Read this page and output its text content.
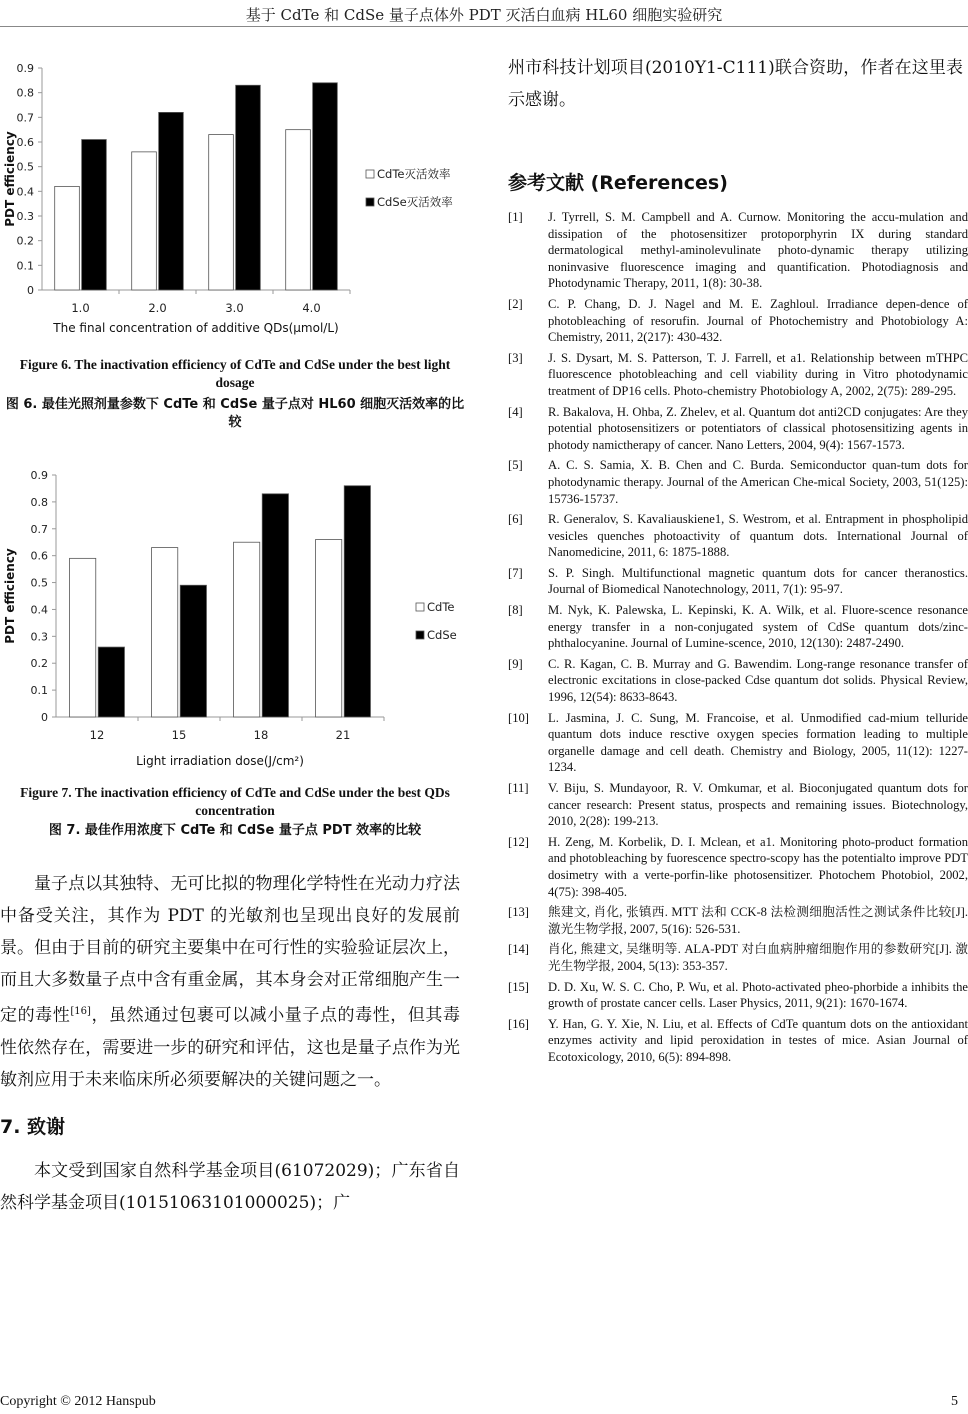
基于 CdTe 和 CdSe 量子点体外 PDT 灭活白血病 HL60 细胞实验研究
0
0.1
0.2
0.3
0.4
0.5
0.6
0.7
0.8
0.9
1.0	2.0	3.0	4.0
The final concentration of additive QDs(μmol/L)
PDT efficiency	CdTe灭活效率
CdSe灭活效率
Figure 6. The inactivation efficiency of CdTe and CdSe under the best light dosage
图 6. 最佳光照剂量参数下 CdTe 和 CdSe 量子点对 HL60 细胞灭活效率的比较
0
0.1
0.2
0.3
0.4
0.5
0.6
0.7
0.8
0.9
12	15	18	21
Light irradiation dose(J/cm²)
PDT efficiency	CdTe
CdSe
Figure 7. The inactivation efficiency of CdTe and CdSe under the best QDs concentration
图 7. 最佳作用浓度下 CdTe 和 CdSe 量子点 PDT 效率的比较

量子点以其独特、无可比拟的物理化学特性在光动力疗法中备受关注，其作为 PDT 的光敏剂也呈现出良好的发展前景。但由于目前的研究主要集中在可行性的实验验证层次上，而且大多数量子点中含有重金属，其本身会对正常细胞产生一定的毒性[16]，虽然通过包裹可以减小量子点的毒性，但其毒性依然存在，需要进一步的研究和评估，这也是量子点作为光敏剂应用于未来临床所必须要解决的关键问题之一。

7. 致谢

本文受到国家自然科学基金项目(61072029)；广东省自然科学基金项目(10151063101000025)；广

州市科技计划项目(2010Y1-C111)联合资助，作者在这里表示感谢。

参考文献 (References)
[1]	J. Tyrrell, S. M. Campbell and A. Curnow. Monitoring the accu-mulation and dissipation of the photosensitizer protoporphyrin IX during standard dermatological methyl-aminolevulinate photo-dynamic therapy utilizing noninvasive fluorescence imaging and quantification. Photodiagnosis and Photodynamic Therapy, 2011, 1(8): 30-38.
[2]	C. P. Chang, D. J. Nagel and M. E. Zaghloul. Irradiance depen-dence of photobleaching of resorufin. Journal of Photochemistry and Photobiology A: Chemistry, 2011, 2(217): 430-432.
[3]	J. S. Dysart, M. S. Patterson, T. J. Farrell, et a1. Relationship between mTHPC fluorescence photobleaching and cell viability during in Vitro photodynamic treatment of DP16 cells. Photo-chemistry Photobiology A, 2002, 2(75): 289-295.
[4]	R. Bakalova, H. Ohba, Z. Zhelev, et al. Quantum dot anti2CD conjugates: Are they potential photosensitizers or potentiators of classical photosensitizing agents in photody namictherapy of cancer. Nano Letters, 2004, 9(4): 1567-1573.
[5]	A. C. S. Samia, X. B. Chen and C. Burda. Semiconductor quan-tum dots for photodynamic therapy. Journal of the American Che-mical Society, 2003, 51(125): 15736-15737.
[6]	R. Generalov, S. Kavaliauskiene1, S. Westrom, et al. Entrapment in phospholipid vesicles quenches photoactivity of quantum dots. International Journal of Nanomedicine, 2011, 6: 1875-1888.
[7]	S. P. Singh. Multifunctional magnetic quantum dots for cancer theranostics. Journal of Biomedical Nanotechnology, 2011, 7(1): 95-97.
[8]	M. Nyk, K. Palewska, L. Kepinski, K. A. Wilk, et al. Fluore-scence resonance energy transfer in a non-conjugated system of CdSe quantum dots/zinc-phthalocyanine. Journal of Lumine-scence, 2010, 12(130): 2487-2490.
[9]	C. R. Kagan, C. B. Murray and G. Bawendim. Long-range resonance transfer of electronic excitations in close-packed Cdse quantum dot solids. Physical Review, 1996, 12(54): 8633-8643.
[10]	L. Jasmina, J. C. Sung, M. Francoise, et al. Unmodified cad-mium telluride quantum dots induce resctive oxygen species formation leading to multiple organelle damage and cell death. Chemistry and Biology, 2005, 11(12): 1227-1234.
[11]	V. Biju, S. Mundayoor, R. V. Omkumar, et al. Bioconjugated quantum dots for cancer research: Present status, prospects and remaining issues. Biotechnology, 2010, 2(28): 199-213.
[12]	H. Zeng, M. Korbelik, D. I. Mclean, et a1. Monitoring photo-product formation and photobleaching by fuorescence spectro-scopy has the potentialto improve PDT dosimetry with a verte-porfin-like photosensitizer. Photochem Photobiol, 2002, 4(75): 398-405.
[13]	熊建文, 肖化, 张镇西. MTT 法和 CCK-8 法检测细胞活性之测试条件比较[J]. 激光生物学报, 2007, 5(16): 526-531.
[14]	肖化, 熊建文, 吴继明等. ALA-PDT 对白血病肿瘤细胞作用的参数研究[J]. 激光生物学报, 2004, 5(13): 353-357.
[15]	D. D. Xu, W. S. C. Cho, P. Wu, et al. Photo-activated pheo-phorbide a inhibits the growth of prostate cancer cells. Laser Physics, 2011, 9(21): 1670-1674.
[16]	Y. Han, G. Y. Xie, N. Liu, et al. Effects of CdTe quantum dots on the antioxidant enzymes activity and lipid peroxidation in testes of mice. Asian Journal of Ecotoxicology, 2010, 6(5): 894-898.
Copyright © 2012 Hanspub	5
